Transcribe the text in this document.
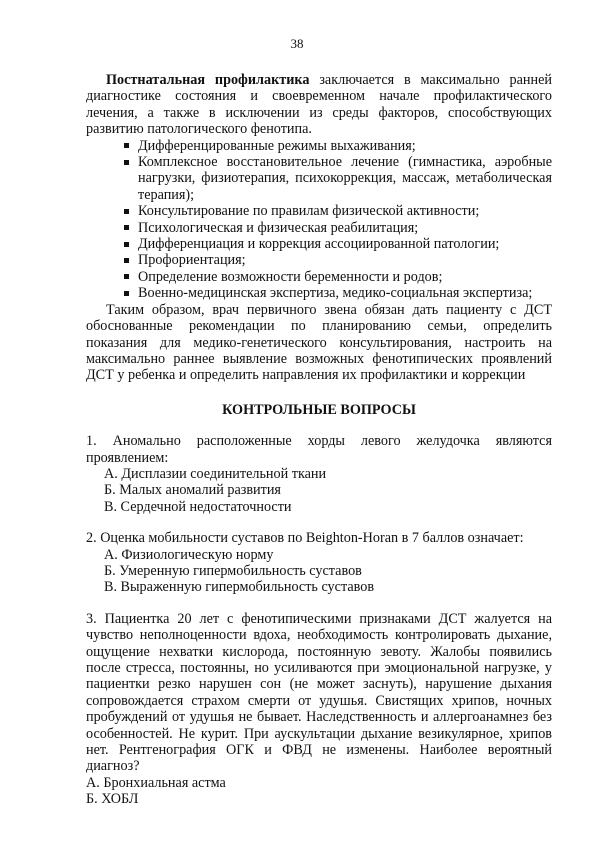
38

Постнатальная профилактика заключается в максимально ранней диагностике состояния и своевременном начале профилактического лечения, а также в исключении из среды факторов, способствующих развитию патологического фенотипа.

Дифференцированные режимы выхаживания;
Комплексное восстановительное лечение (гимнастика, аэробные нагрузки, физиотерапия, психокоррекция, массаж, метаболическая терапия);
Консультирование по правилам физической активности;
Психологическая и физическая реабилитация;
Дифференциация и коррекция ассоциированной патологии;
Профориентация;
Определение возможности беременности и родов;
Военно-медицинская экспертиза, медико-социальная экспертиза;

Таким образом, врач первичного звена обязан дать пациенту с ДСТ обоснованные рекомендации по планированию семьи, определить показания для медико-генетического консультирования, настроить на максимально раннее выявление возможных фенотипических проявлений ДСТ у ребенка и определить направления их профилактики и коррекции

КОНТРОЛЬНЫЕ ВОПРОСЫ

1. Аномально расположенные хорды левого желудочка являются проявлением:

А. Дисплазии соединительной ткани

Б. Малых аномалий развития

В. Сердечной недостаточности

2. Оценка мобильности суставов по Beighton-Horan в 7 баллов означает:

А. Физиологическую норму

Б. Умеренную гипермобильность суставов

В. Выраженную гипермобильность суставов

3. Пациентка 20 лет с фенотипическими признаками ДСТ жалуется на чувство неполноценности вдоха, необходимость контролировать дыхание, ощущение нехватки кислорода, постоянную зевоту. Жалобы появились после стресса, постоянны, но усиливаются при эмоциональной нагрузке, у пациентки резко нарушен сон (не может заснуть), нарушение дыхания сопровождается страхом смерти от удушья. Свистящих хрипов, ночных пробуждений от удушья не бывает. Наследственность и аллергоанамнез без особенностей. Не курит. При аускультации дыхание везикулярное, хрипов нет. Рентгенография ОГК и ФВД не изменены. Наиболее вероятный диагноз?

А. Бронхиальная астма

Б. ХОБЛ
